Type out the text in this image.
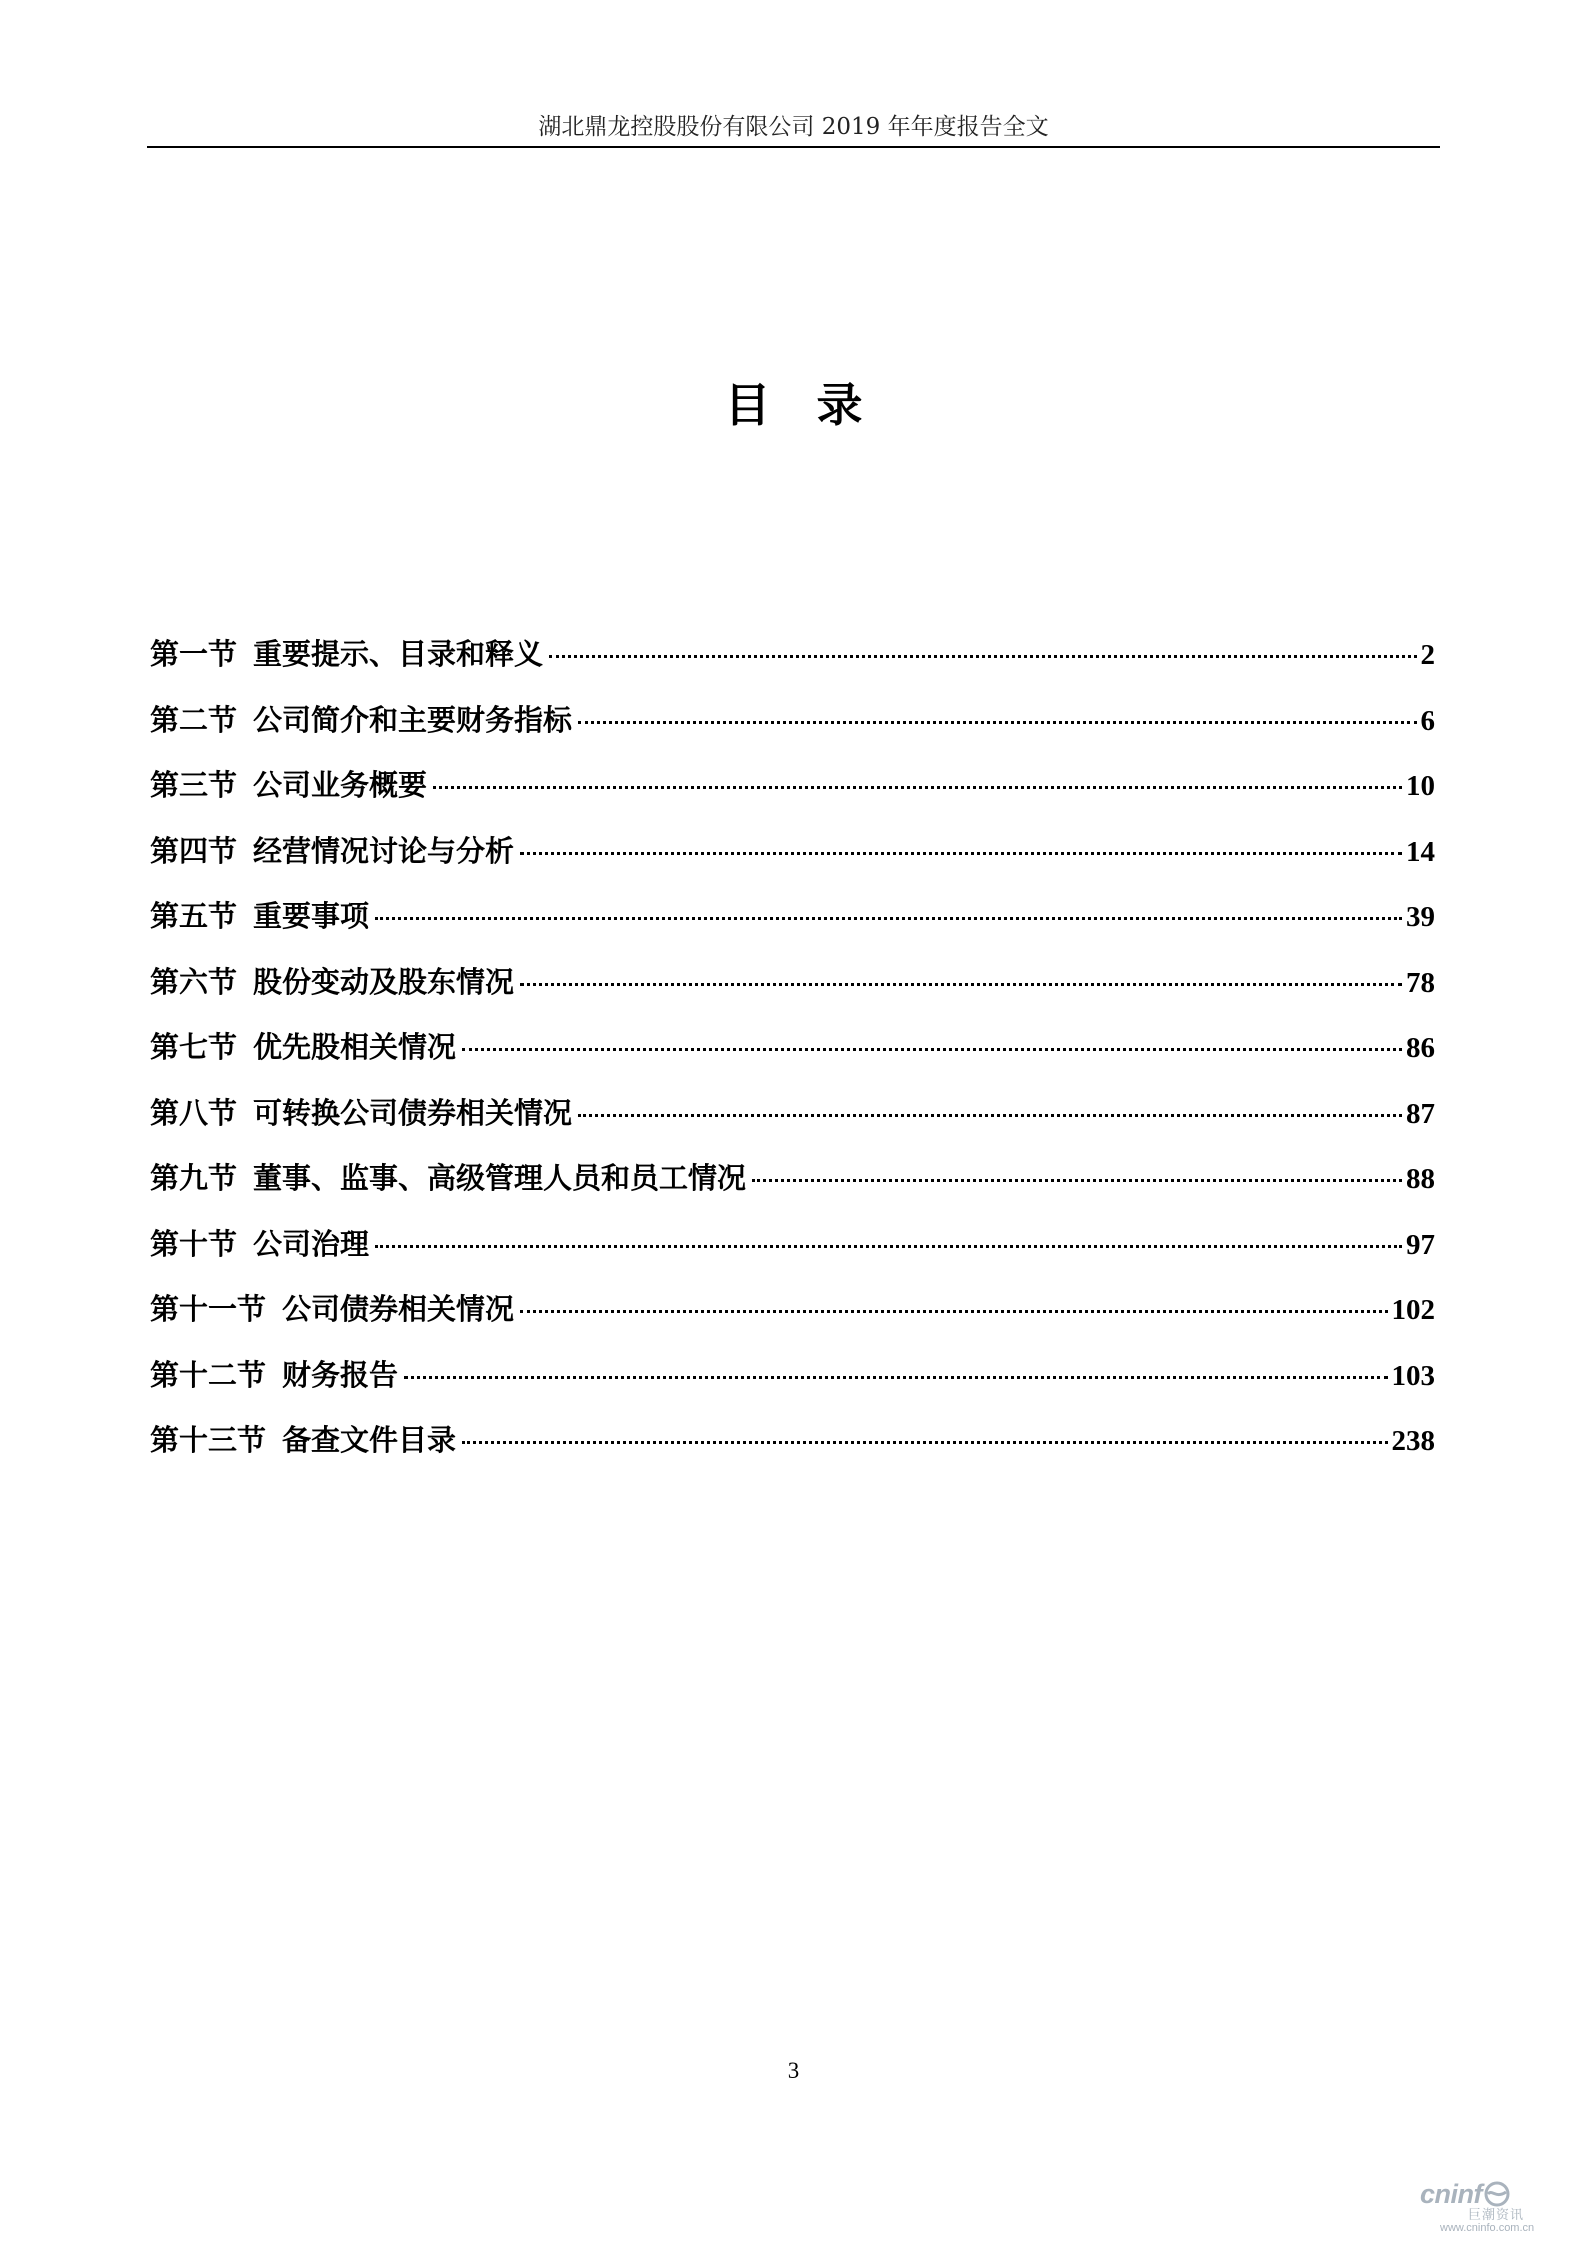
湖北鼎龙控股股份有限公司 2019 年年度报告全文
目录
第一节 重要提示、目录和释义	2
第二节 公司简介和主要财务指标	6
第三节 公司业务概要	10
第四节 经营情况讨论与分析	14
第五节 重要事项	39
第六节 股份变动及股东情况	78
第七节 优先股相关情况	86
第八节 可转换公司债券相关情况	87
第九节 董事、监事、高级管理人员和员工情况	88
第十节 公司治理	97
第十一节 公司债券相关情况	102
第十二节 财务报告	103
第十三节 备查文件目录	238
3
cninf
巨潮资讯
www.cninfo.com.cn
